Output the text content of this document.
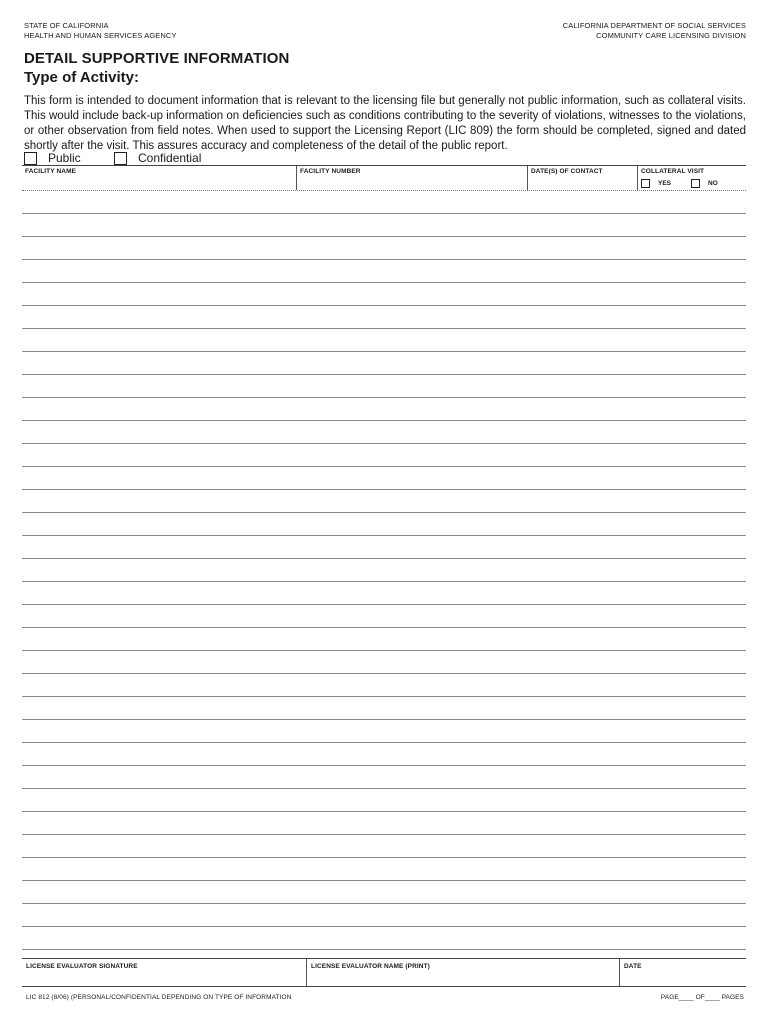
STATE OF CALIFORNIA
HEALTH AND HUMAN SERVICES AGENCY
CALIFORNIA DEPARTMENT OF SOCIAL SERVICES
COMMUNITY CARE LICENSING DIVISION
DETAIL SUPPORTIVE INFORMATION
Type of Activity:
This form is intended to document information that is relevant to the licensing file but generally not public information, such as collateral visits. This would include back-up information on deficiencies such as conditions contributing to the severity of violations, witnesses to the violations, or other observation from field notes. When used to support the Licensing Report (LIC 809) the form should be completed, signed and dated shortly after the visit. This assures accuracy and completeness of the detail of the public report.
Public	Confidential
FACILITY NAME	FACILITY NUMBER	DATE(S) OF CONTACT	COLLATERAL VISIT
YES	NO
LICENSE EVALUATOR SIGNATURE	LICENSE EVALUATOR NAME (PRINT)	DATE
LIC 812 (8/06) (PERSONAL/CONFIDENTIAL DEPENDING ON TYPE OF INFORMATION	PAGE____ OF____ PAGES
